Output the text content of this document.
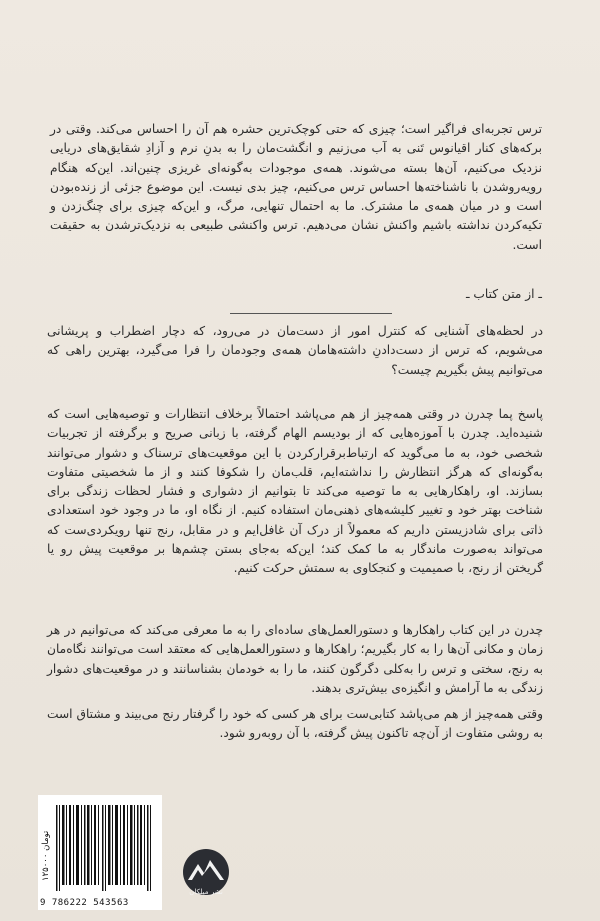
ترس تجربه‌ای فراگیر است؛ چیزی که حتی کوچک‌ترین حشره هم آن را احساس می‌کند. وقتی در برکه‌های کنار اقیانوس تَنی به آب می‌زنیم و انگشت‌مان را به بدنِ نرم و آزادِ شقایق‌های دریایی نزدیک می‌کنیم، آن‌ها بسته می‌شوند. همه‌ی موجودات به‌گونه‌ای غریزی چنین‌اند. این‌که هنگام رویه‌روشدن با ناشناخته‌ها احساس ترس می‌کنیم، چیز بدی نیست. این موضوع جزئی از زنده‌بودن است و در میان همه‌ی ما مشترک. ما به احتمال تنهایی، مرگ، و این‌که چیزی برای چنگ‌زدن و تکیه‌کردن نداشته باشیم واکنش نشان می‌دهیم. ترس واکنشی طبیعی به نزدیک‌ترشدن به حقیقت است.

ـ از متن کتاب ـ

در لحظه‌های آشنایی که کنترل امور از دست‌مان در می‌رود، که دچار اضطراب و پریشانی می‌شویم، که ترس از دست‌دادنِ داشته‌هامان همه‌ی وجودمان را فرا می‌گیرد، بهترین راهی که می‌توانیم پیش بگیریم چیست؟

پاسخ پما چدرن در وقتی همه‌چیز از هم می‌پاشد احتمالاً برخلاف انتظارات و توصیه‌هایی است که شنیده‌اید. چدرن با آموزه‌هایی که از بودیسم الهام گرفته، با زبانی صریح و برگرفته از تجربیات شخصی خود، به ما می‌گوید که ارتباط‌برقرارکردن با این موقعیت‌های ترسناک و دشوار می‌توانند به‌گونه‌ای که هرگز انتظارش را نداشته‌ایم، قلب‌مان را شکوفا کنند و از ما شخصیتی متفاوت بسازند. او، راهکارهایی به ما توصیه می‌کند تا بتوانیم از دشواری و فشار لحظات زندگی برای شناخت بهتر خود و تغییر کلیشه‌های ذهنی‌مان استفاده کنیم. از نگاه او، ما در وجود خود استعدادی ذاتی برای شادزیستن داریم که معمولاً از درک آن غافل‌ایم و در مقابل، رنج تنها رویکردی‌ست که می‌تواند به‌صورت ماندگار به ما کمک کند؛ این‌که به‌جای بستن چشم‌ها بر موقعیت پیش رو یا گریختن از رنج، با صمیمیت و کنجکاوی به سمتش حرکت کنیم.

چدرن در این کتاب راهکارها و دستورالعمل‌های ساده‌ای را به ما معرفی می‌کند که می‌توانیم در هر زمان و مکانی آن‌ها را به کار بگیریم؛ راهکارها و دستورالعمل‌هایی که معتقد است می‌توانند نگاه‌مان به رنج، سختی و ترس را به‌کلی دگرگون کنند، ما را به خودمان بشناسانند و در موقعیت‌های دشوار زندگی به ما آرامش و انگیزه‌ی بیش‌تری بدهند.

وقتی همه‌چیز از هم می‌پاشد کتابی‌ست برای هر کسی که خود را گرفتار رنج می‌بیند و مشتاق است به روشی متفاوت از آن‌چه تاکنون پیش گرفته، با آن روبه‌رو شود.

۱۲۵۰۰۰ تومان
9 786222 543563
نشر میلکان
